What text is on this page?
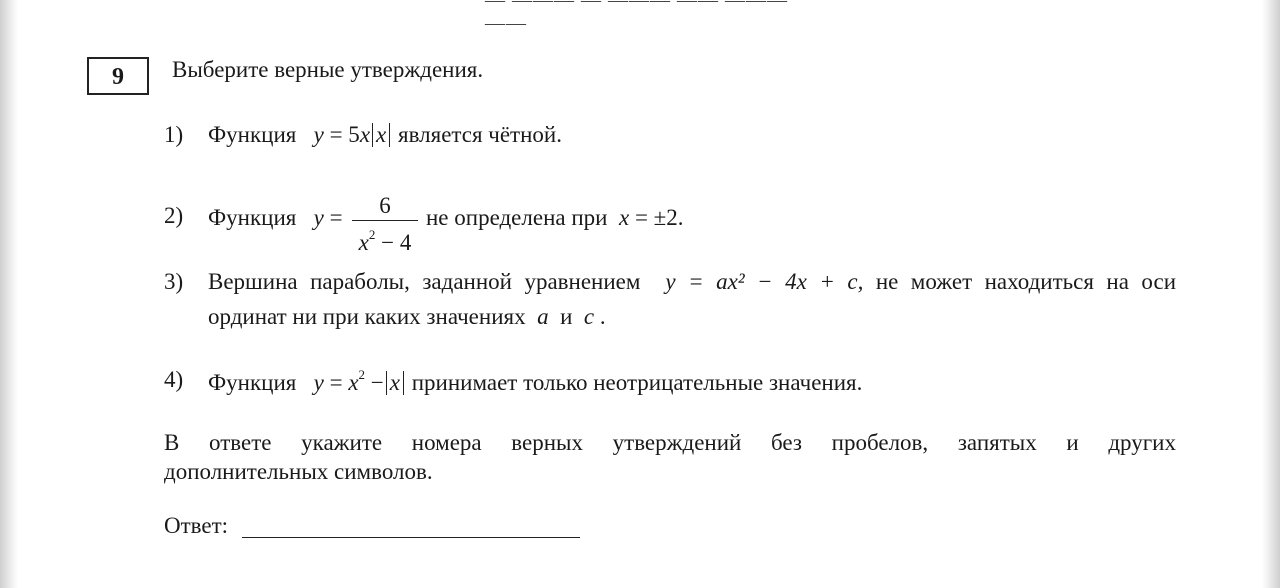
— ——— — ——— —— ——— ——
9	Выберите верные утверждения.
1) Функция y = 5x x является чётной.
2) Функция y =	6
$x^2 - 4$
не определена при x = ±2.
3) Вершина параболы, заданной уравнением y = ax² − 4x + c, не может находиться на оси
ординат ни при каких значениях a и c .
4) Функция $y = x^2 - x$ принимает только неотрицательные значения.
В ответе укажите номера верных утверждений без пробелов, запятых и других
дополнительных символов.
Ответ:
